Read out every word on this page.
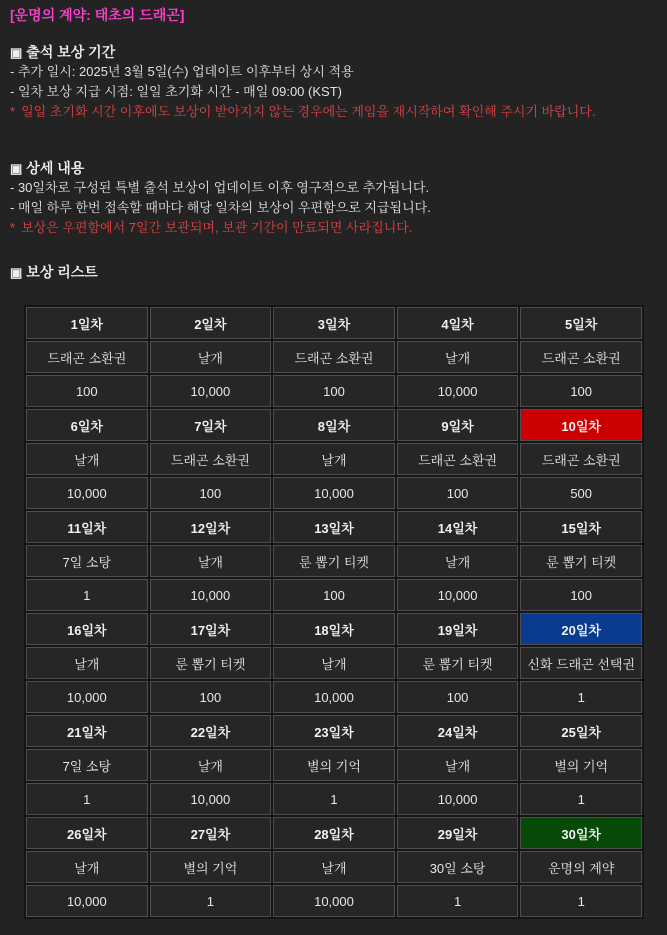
[운명의 계약: 태초의 드래곤]
▣ 출석 보상 기간
- 추가 일시: 2025년 3월 5일(수) 업데이트 이후부터 상시 적용
- 일차 보상 지급 시점: 일일 초기화 시간 - 매일 09:00 (KST)
* 일일 초기화 시간 이후에도 보상이 받아지지 않는 경우에는 게임을 재시작하여 확인해 주시기 바랍니다.
▣ 상세 내용
- 30일차로 구성된 특별 출석 보상이 업데이트 이후 영구적으로 추가됩니다.
- 매일 하루 한번 접속할 때마다 해당 일차의 보상이 우편함으로 지급됩니다.
* 보상은 우편함에서 7일간 보관되며, 보관 기간이 만료되면 사라집니다.
▣ 보상 리스트
1일차	2일차	3일차	4일차	5일차
드래곤 소환권	날개	드래곤 소환권	날개	드래곤 소환권
100	10,000	100	10,000	100
6일차	7일차	8일차	9일차	10일차
날개	드래곤 소환권	날개	드래곤 소환권	드래곤 소환권
10,000	100	10,000	100	500
11일차	12일차	13일차	14일차	15일차
7일 소탕	날개	룬 뽑기 티켓	날개	룬 뽑기 티켓
1	10,000	100	10,000	100
16일차	17일차	18일차	19일차	20일차
날개	룬 뽑기 티켓	날개	룬 뽑기 티켓	신화 드래곤 선택권
10,000	100	10,000	100	1
21일차	22일차	23일차	24일차	25일차
7일 소탕	날개	별의 기억	날개	별의 기억
1	10,000	1	10,000	1
26일차	27일차	28일차	29일차	30일차
날개	별의 기억	날개	30일 소탕	운명의 계약
10,000	1	10,000	1	1
